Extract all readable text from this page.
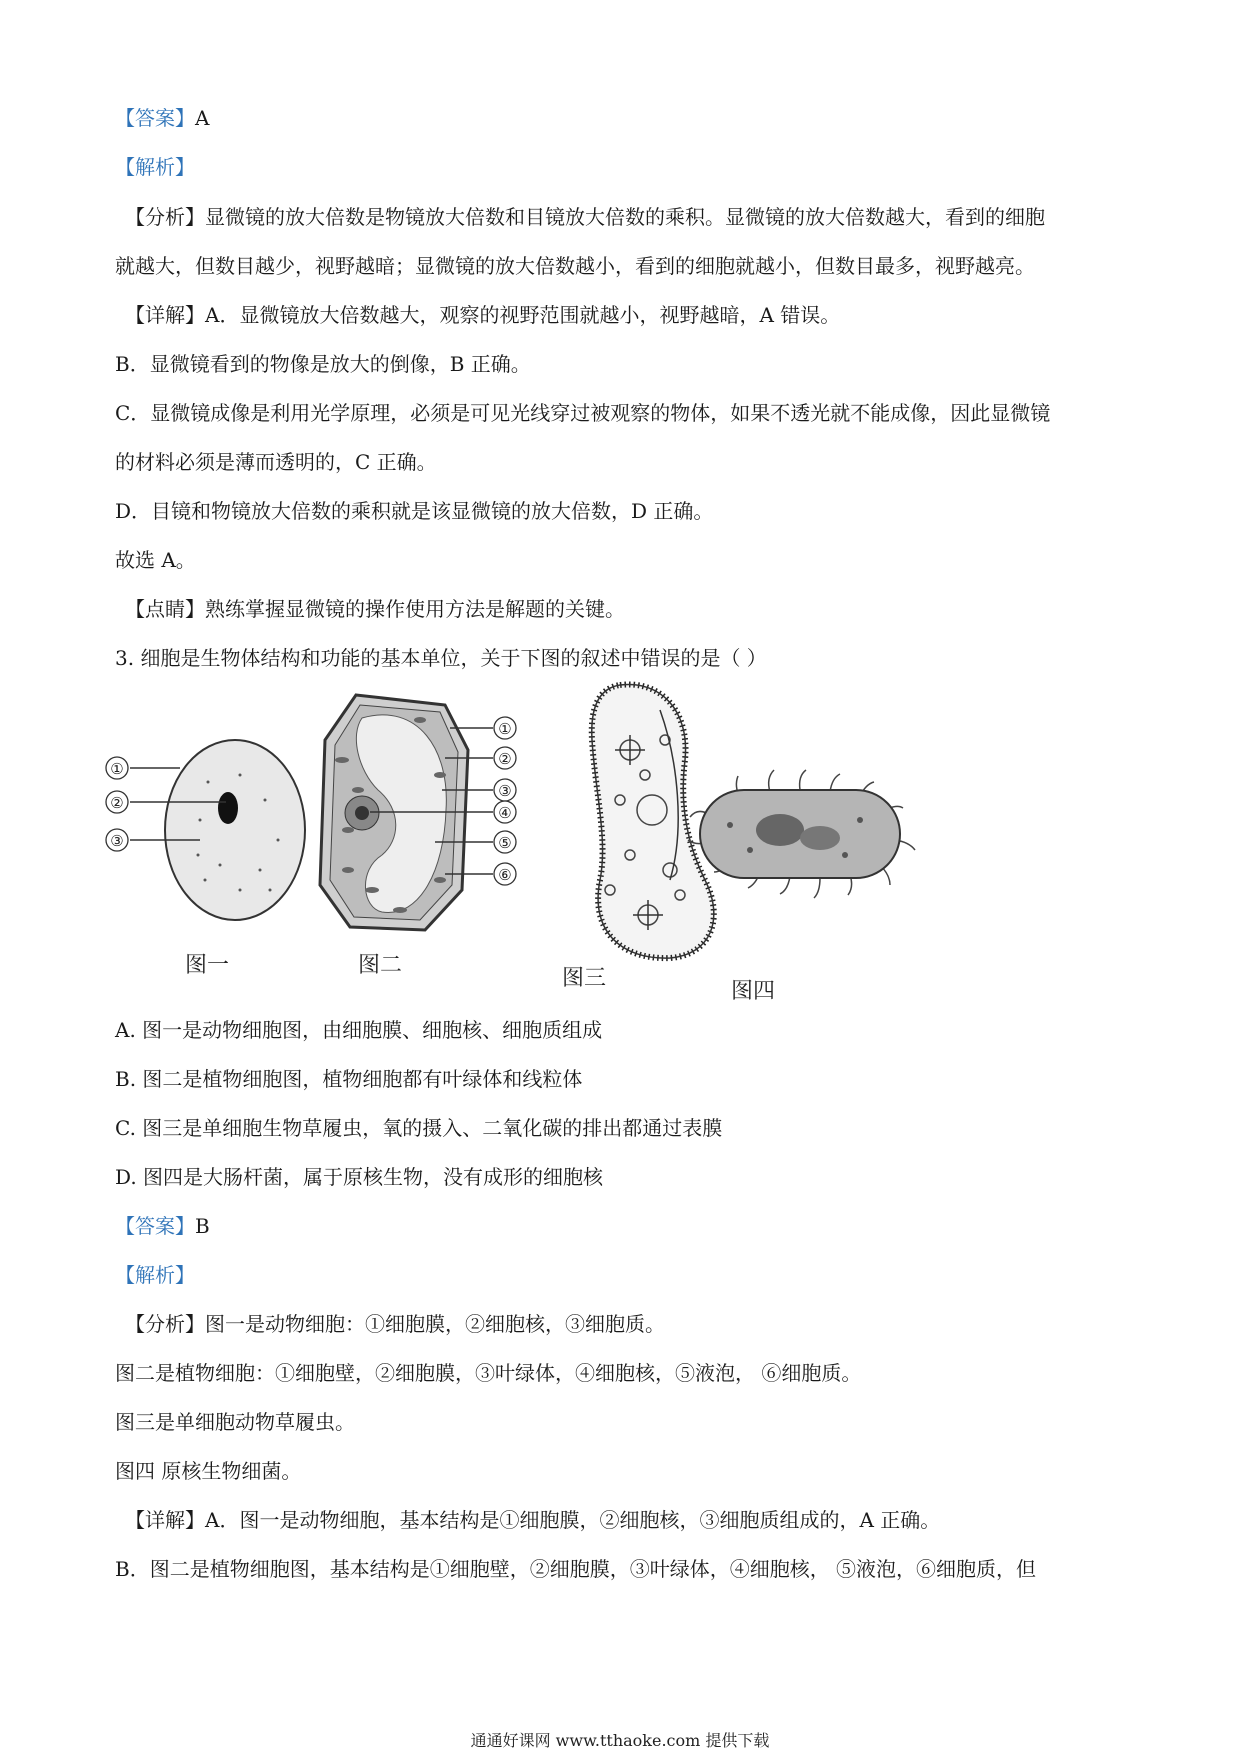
【答案】A
【解析】
【分析】显微镜的放大倍数是物镜放大倍数和目镜放大倍数的乘积。显微镜的放大倍数越大，看到的细胞
就越大，但数目越少，视野越暗；显微镜的放大倍数越小，看到的细胞就越小，但数目最多，视野越亮。
【详解】A．显微镜放大倍数越大，观察的视野范围就越小，视野越暗，A 错误。
B．显微镜看到的物像是放大的倒像，B 正确。
C．显微镜成像是利用光学原理，必须是可见光线穿过被观察的物体，如果不透光就不能成像，因此显微镜
的材料必须是薄而透明的，C 正确。
D．目镜和物镜放大倍数的乘积就是该显微镜的放大倍数，D 正确。
故选 A。
【点睛】熟练掌握显微镜的操作使用方法是解题的关键。
3. 细胞是生物体结构和功能的基本单位，关于下图的叙述中错误的是（ ）
①
②
③
图一
①
②
③
④
⑤
⑥
图二
图三
图四
A. 图一是动物细胞图，由细胞膜、细胞核、细胞质组成
B. 图二是植物细胞图，植物细胞都有叶绿体和线粒体
C. 图三是单细胞生物草履虫，氧的摄入、二氧化碳的排出都通过表膜
D. 图四是大肠杆菌，属于原核生物，没有成形的细胞核
【答案】B
【解析】
【分析】图一是动物细胞：①细胞膜，②细胞核，③细胞质。
图二是植物细胞：①细胞壁，②细胞膜，③叶绿体，④细胞核，⑤液泡， ⑥细胞质。
图三是单细胞动物草履虫。
图四 原核生物细菌。
【详解】A．图一是动物细胞，基本结构是①细胞膜，②细胞核，③细胞质组成的，A 正确。
B．图二是植物细胞图，基本结构是①细胞壁，②细胞膜，③叶绿体，④细胞核， ⑤液泡，⑥细胞质，但
通通好课网 www.tthaoke.com 提供下载
